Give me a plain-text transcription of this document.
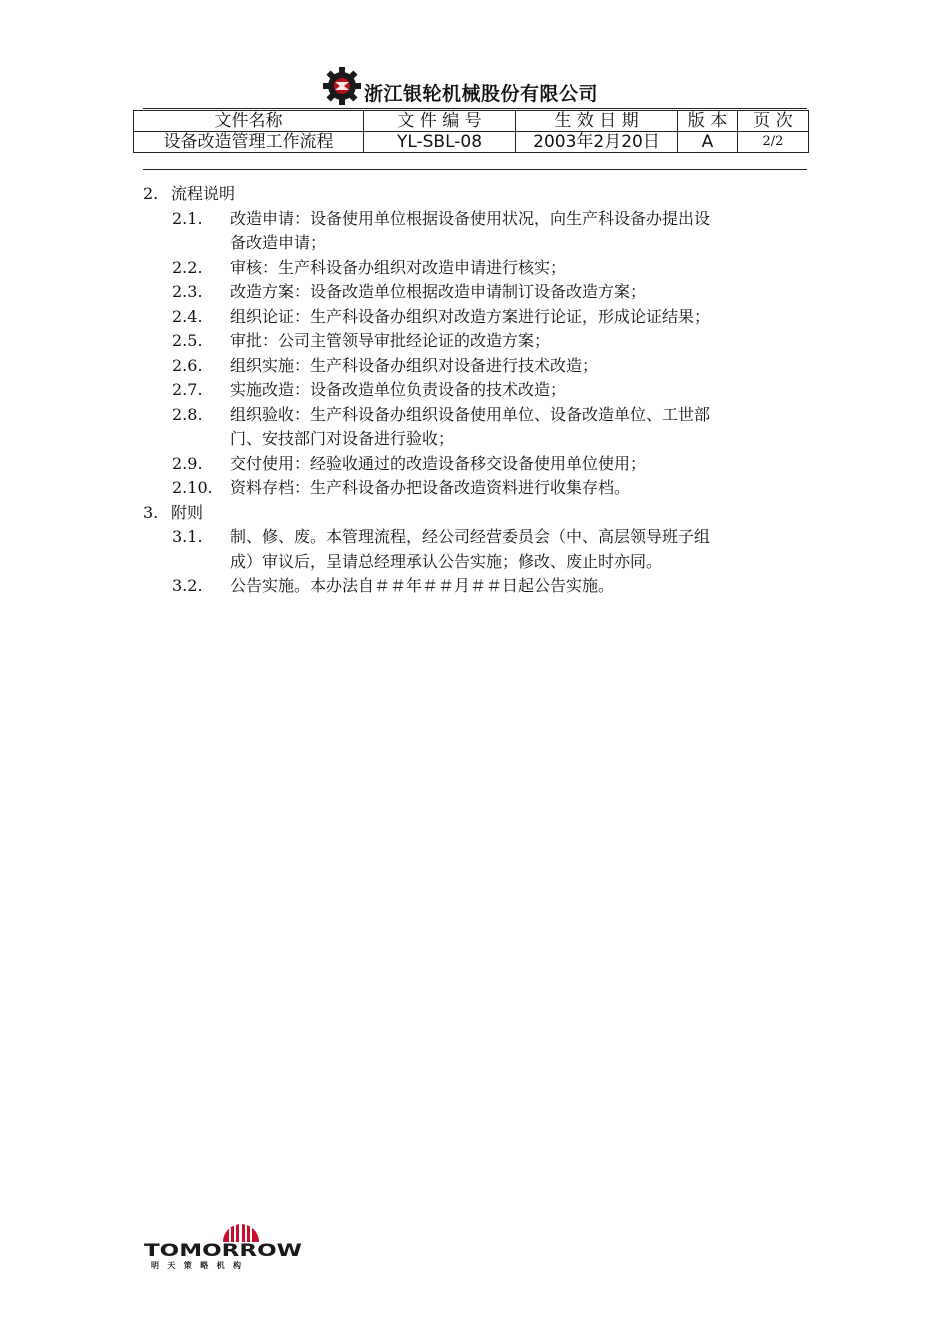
浙江银轮机械股份有限公司
文件名称	文 件 编 号	生 效 日 期	版 本	页 次
设备改造管理工作流程	YL-SBL-08	2003年2月20日	A	2/2
2. 流程说明
2.1.	改造申请：设备使用单位根据设备使用状况，向生产科设备办提出设
备改造申请；
2.2.	审核：生产科设备办组织对改造申请进行核实；
2.3.	改造方案：设备改造单位根据改造申请制订设备改造方案；
2.4.	组织论证：生产科设备办组织对改造方案进行论证，形成论证结果；
2.5.	审批：公司主管领导审批经论证的改造方案；
2.6.	组织实施：生产科设备办组织对设备进行技术改造；
2.7.	实施改造：设备改造单位负责设备的技术改造；
2.8.	组织验收：生产科设备办组织设备使用单位、设备改造单位、工世部
门、安技部门对设备进行验收；
2.9.	交付使用：经验收通过的改造设备移交设备使用单位使用；
2.10.	资料存档：生产科设备办把设备改造资料进行收集存档。
3. 附则
3.1.	制、修、废。本管理流程，经公司经营委员会（中、高层领导班子组
成）审议后，呈请总经理承认公告实施；修改、废止时亦同。
3.2.	公告实施。本办法自＃＃年＃＃月＃＃日起公告实施。
TOMORROW
明 天 策 略 机 构
